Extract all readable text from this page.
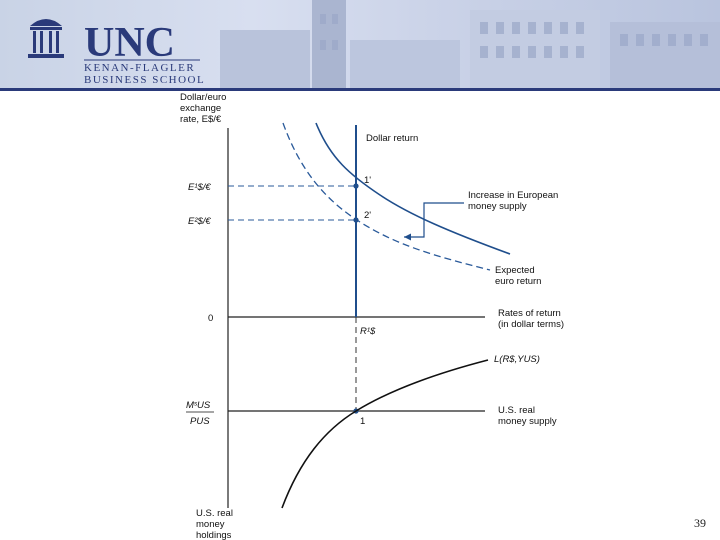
UNC
KENAN-FLAGLER
BUSINESS SCHOOL
Dollar/euro
exchange
rate, E$/€
E¹$/€
E²$/€
0
Dollar return
1'
2'
Increase in European
money supply
Expected
euro return
Rates of return
(in dollar terms)
R¹$
L(R$,YUS)
MˢUS
PUS
U.S. real
money supply
1
U.S. real
money
holdings
39
